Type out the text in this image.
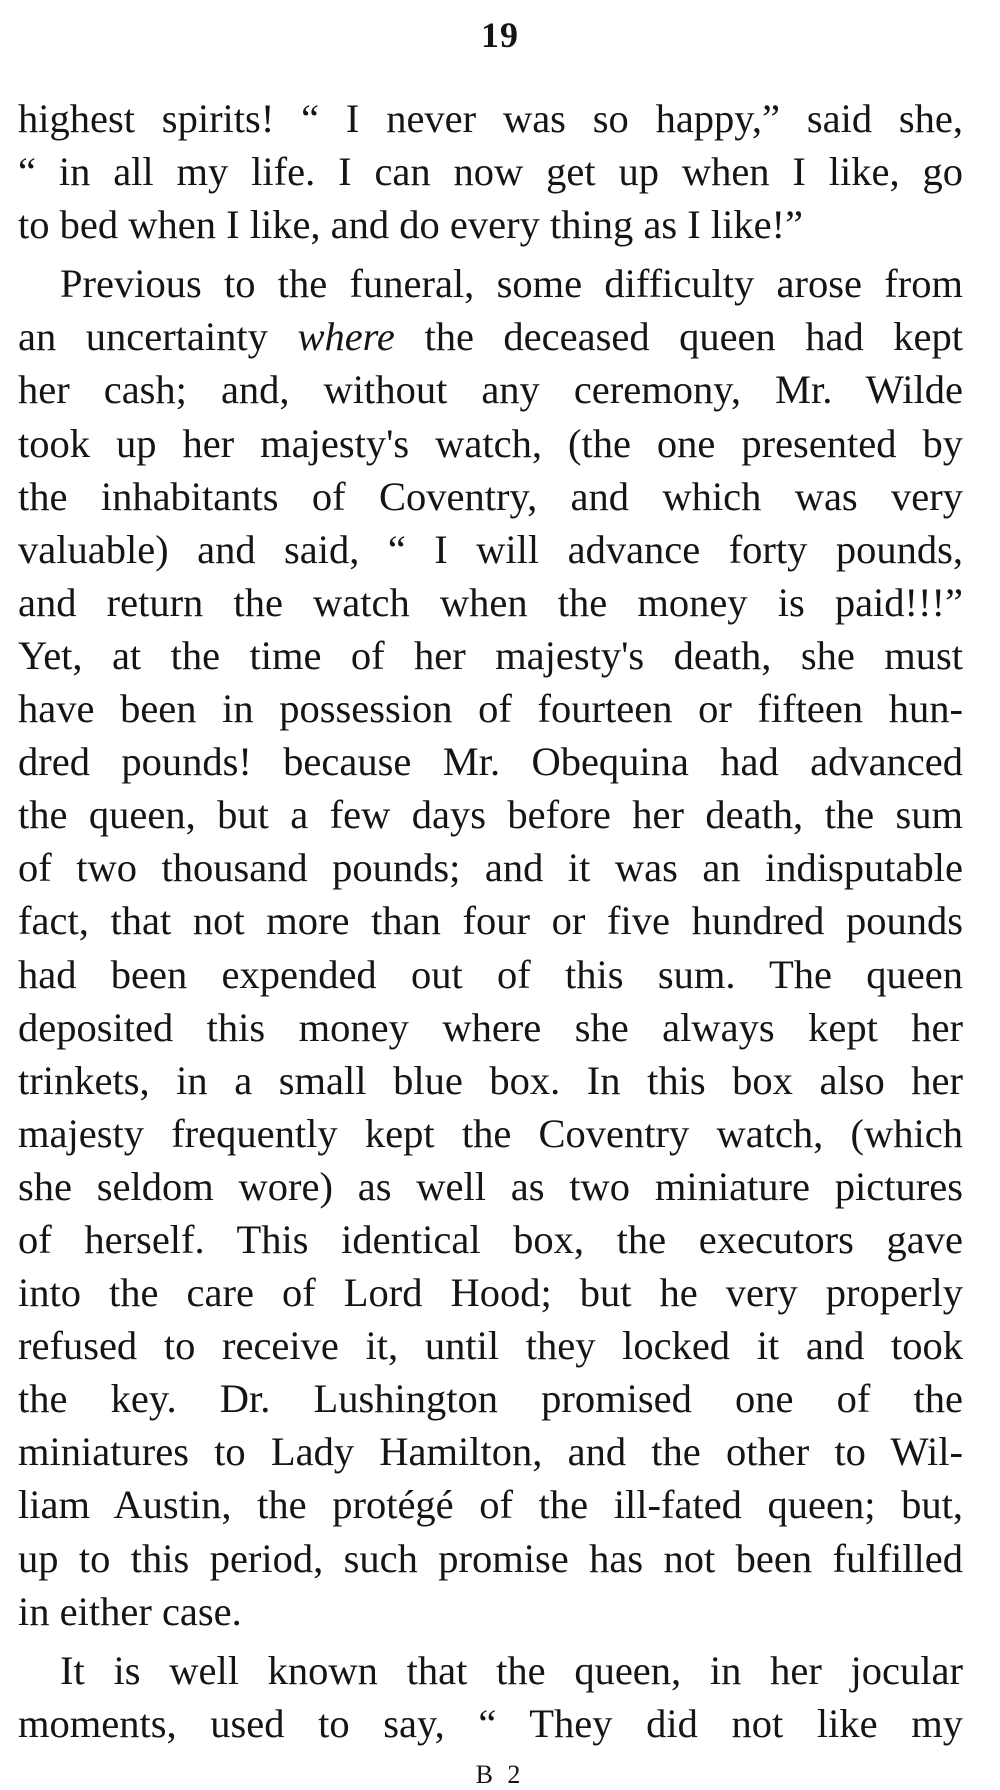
19
highest spirits! “ I never was so happy,” said she,
“ in all my life. I can now get up when I like, go
to bed when I like, and do every thing as I like!”
Previous to the funeral, some difficulty arose from
an uncertainty where the deceased queen had kept
her cash; and, without any ceremony, Mr. Wilde
took up her majesty's watch, (the one presented by
the inhabitants of Coventry, and which was very
valuable) and said, “ I will advance forty pounds,
and return the watch when the money is paid!!!”
Yet, at the time of her majesty's death, she must
have been in possession of fourteen or fifteen hun-
dred pounds! because Mr. Obequina had advanced
the queen, but a few days before her death, the sum
of two thousand pounds; and it was an indisputable
fact, that not more than four or five hundred pounds
had been expended out of this sum. The queen
deposited this money where she always kept her
trinkets, in a small blue box. In this box also her
majesty frequently kept the Coventry watch, (which
she seldom wore) as well as two miniature pictures
of herself. This identical box, the executors gave
into the care of Lord Hood; but he very properly
refused to receive it, until they locked it and took
the key. Dr. Lushington promised one of the
miniatures to Lady Hamilton, and the other to Wil-
liam Austin, the protégé of the ill-fated queen; but,
up to this period, such promise has not been fulfilled
in either case.
It is well known that the queen, in her jocular
moments, used to say, “ They did not like my
B 2
